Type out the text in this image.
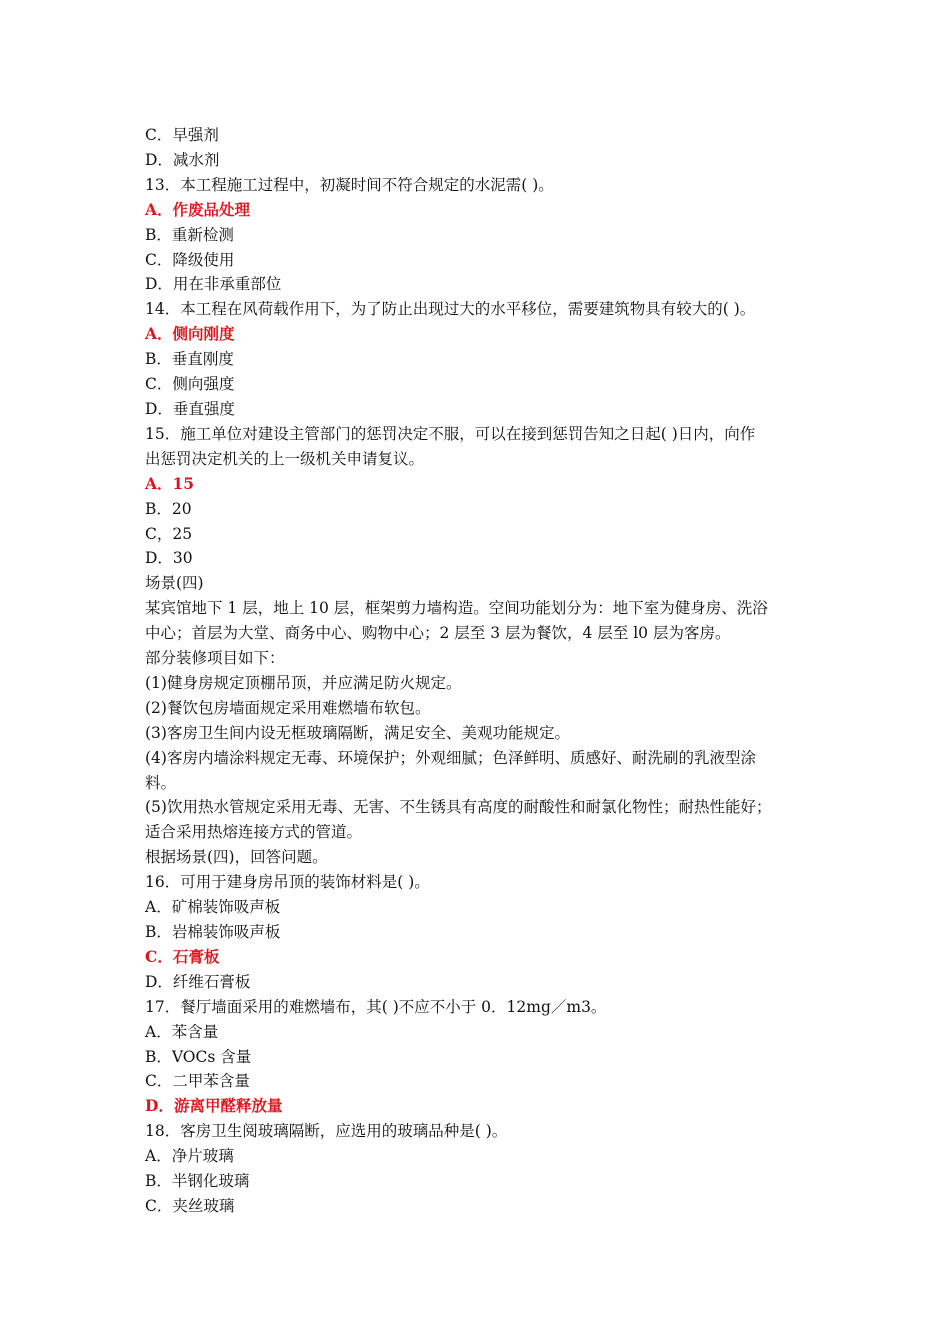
C．早强剂

D．减水剂

13．本工程施工过程中，初凝时间不符合规定的水泥需( )。

A．作废品处理

B．重新检测

C．降级使用

D．用在非承重部位

14．本工程在风荷载作用下，为了防止出现过大的水平移位，需要建筑物具有较大的( )。

A．侧向刚度

B．垂直刚度

C．侧向强度

D．垂直强度

15．施工单位对建设主管部门的惩罚决定不服，可以在接到惩罚告知之日起( )日内，向作

出惩罚决定机关的上一级机关申请复议。

A．15

B．20

C，25

D．30

场景(四)

某宾馆地下 1 层，地上 10 层，框架剪力墙构造。空间功能划分为：地下室为健身房、洗浴

中心；首层为大堂、商务中心、购物中心；2 层至 3 层为餐饮，4 层至 l0 层为客房。

部分装修项目如下：

(1)健身房规定顶棚吊顶，并应满足防火规定。

(2)餐饮包房墙面规定采用难燃墙布软包。

(3)客房卫生间内设无框玻璃隔断，满足安全、美观功能规定。

(4)客房内墙涂料规定无毒、环境保护；外观细腻；色泽鲜明、质感好、耐洗刷的乳液型涂

料。

(5)饮用热水管规定采用无毒、无害、不生锈具有高度的耐酸性和耐氯化物性；耐热性能好；

适合采用热熔连接方式的管道。

根据场景(四)，回答问题。

16．可用于建身房吊顶的装饰材料是( )。

A．矿棉装饰吸声板

B．岩棉装饰吸声板

C．石膏板

D．纤维石膏板

17．餐厅墙面采用的难燃墙布，其( )不应不小于 0．12mg／m3。

A．苯含量

B．VOCs 含量

C．二甲苯含量

D．游离甲醛释放量

18．客房卫生阅玻璃隔断，应选用的玻璃品种是( )。

A．净片玻璃

B．半钢化玻璃

C．夹丝玻璃
